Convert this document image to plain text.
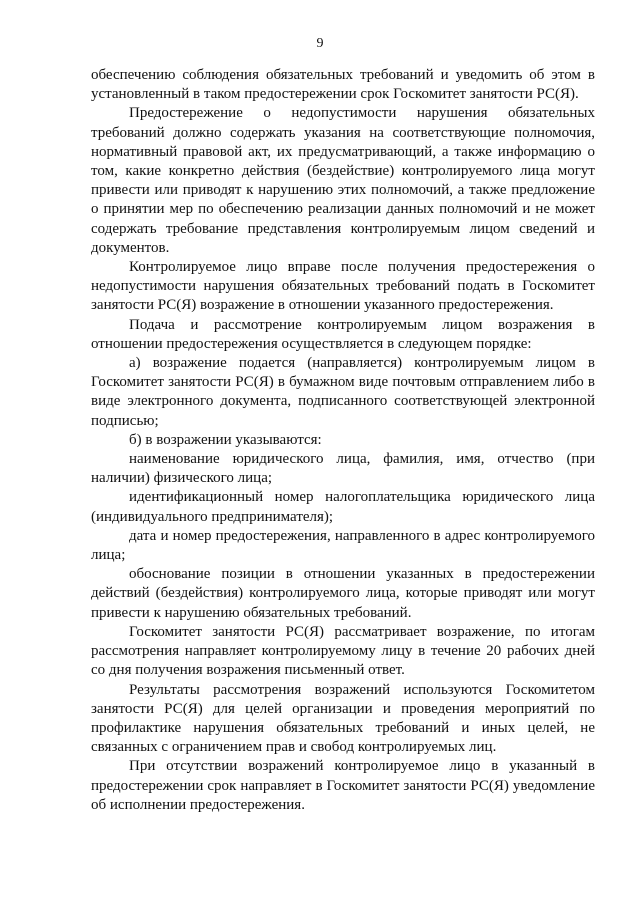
9

обеспечению соблюдения обязательных требований и уведомить об этом в установленный в таком предостережении срок Госкомитет занятости РС(Я).

Предостережение о недопустимости нарушения обязательных требований должно содержать указания на соответствующие полномочия, нормативный правовой акт, их предусматривающий, а также информацию о том, какие конкретно действия (бездействие) контролируемого лица могут привести или приводят к нарушению этих полномочий, а также предложение о принятии мер по обеспечению реализации данных полномочий и не может содержать требование представления контролируемым лицом сведений и документов.

Контролируемое лицо вправе после получения предостережения о недопустимости нарушения обязательных требований подать в Госкомитет занятости РС(Я) возражение в отношении указанного предостережения.

Подача и рассмотрение контролируемым лицом возражения в отношении предостережения осуществляется в следующем порядке:

а) возражение подается (направляется) контролируемым лицом в Госкомитет занятости РС(Я) в бумажном виде почтовым отправлением либо в виде электронного документа, подписанного соответствующей электронной подписью;

б) в возражении указываются:

наименование юридического лица, фамилия, имя, отчество (при наличии) физического лица;

идентификационный номер налогоплательщика юридического лица (индивидуального предпринимателя);

дата и номер предостережения, направленного в адрес контролируемого лица;

обоснование позиции в отношении указанных в предостережении действий (бездействия) контролируемого лица, которые приводят или могут привести к нарушению обязательных требований.

Госкомитет занятости РС(Я) рассматривает возражение, по итогам рассмотрения направляет контролируемому лицу в течение 20 рабочих дней со дня получения возражения письменный ответ.

Результаты рассмотрения возражений используются Госкомитетом занятости РС(Я) для целей организации и проведения мероприятий по профилактике нарушения обязательных требований и иных целей, не связанных с ограничением прав и свобод контролируемых лиц.

При отсутствии возражений контролируемое лицо в указанный в предостережении срок направляет в Госкомитет занятости РС(Я) уведомление об исполнении предостережения.
